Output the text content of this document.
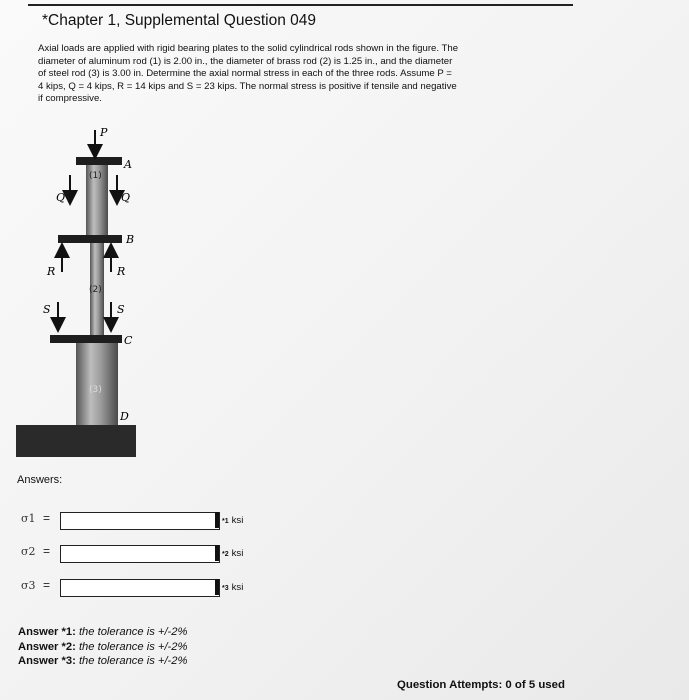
*Chapter 1, Supplemental Question 049
Axial loads are applied with rigid bearing plates to the solid cylindrical rods shown in the figure. The
diameter of aluminum rod (1) is 2.00 in., the diameter of brass rod (2) is 1.25 in., and the diameter
of steel rod (3) is 3.00 in. Determine the axial normal stress in each of the three rods. Assume P =
4 kips, Q = 4 kips, R = 14 kips and S = 23 kips. The normal stress is positive if tensile and negative
if compressive.
P
A
Q	Q
(1)
B
R	R
(2)
S	S
C
(3)
D
Answers:
σ1 =	*1 ksi
σ2 =	*2 ksi
σ3 =	*3 ksi
Answer *1: the tolerance is +/-2%
Answer *2: the tolerance is +/-2%
Answer *3: the tolerance is +/-2%
Question Attempts: 0 of 5 used
